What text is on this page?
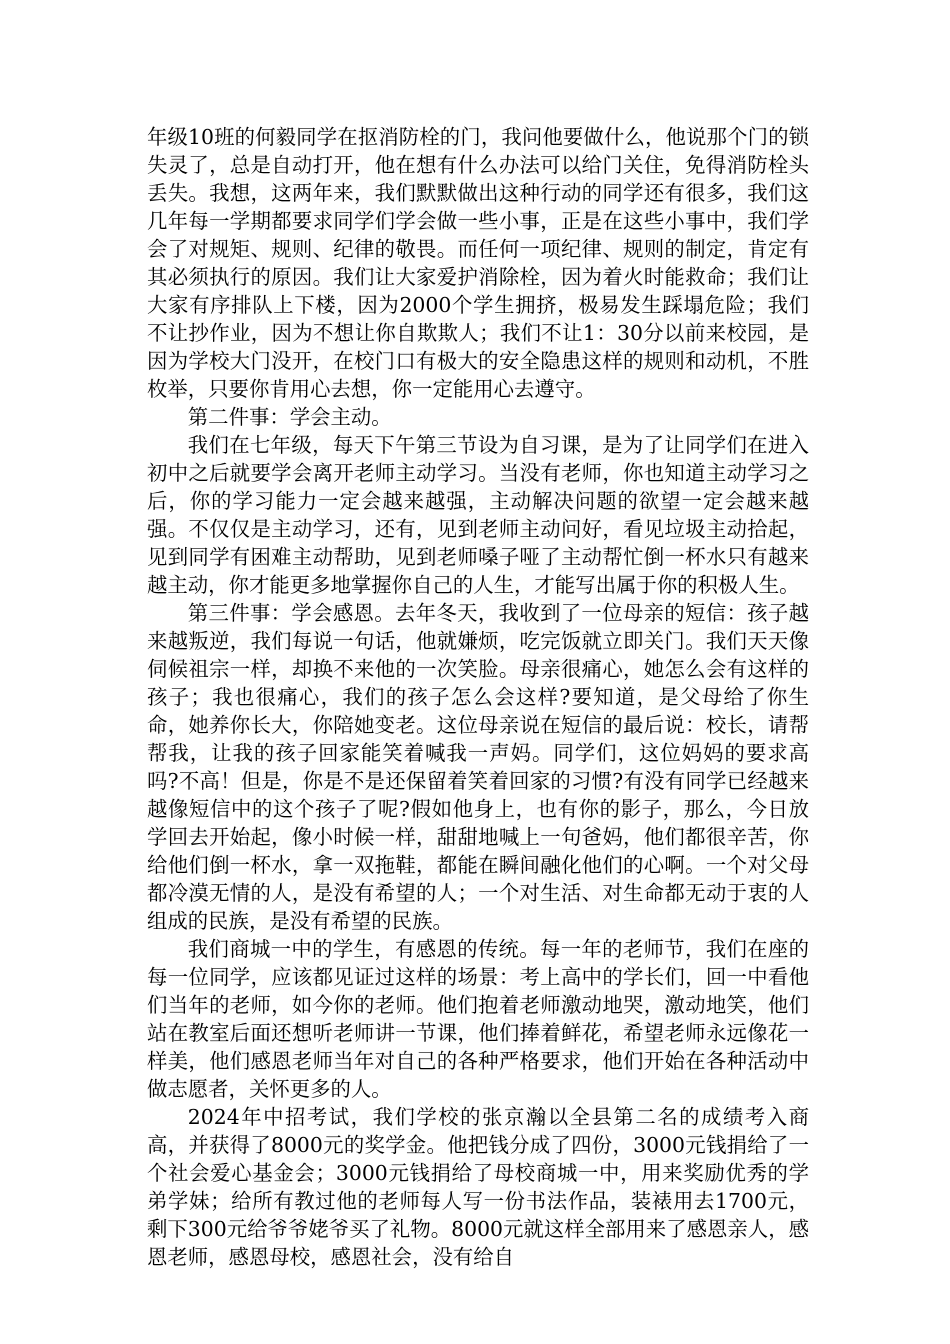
年级10班的何毅同学在抠消防栓的门，我问他要做什么，他说那个门的锁失灵了，总是自动打开，他在想有什么办法可以给门关住，免得消防栓头丢失。我想，这两年来，我们默默做出这种行动的同学还有很多，我们这几年每一学期都要求同学们学会做一些小事，正是在这些小事中，我们学会了对规矩、规则、纪律的敬畏。而任何一项纪律、规则的制定，肯定有其必须执行的原因。我们让大家爱护消除栓，因为着火时能救命；我们让大家有序排队上下楼，因为2000个学生拥挤，极易发生踩塌危险；我们不让抄作业，因为不想让你自欺欺人；我们不让1：30分以前来校园，是因为学校大门没开，在校门口有极大的安全隐患这样的规则和动机，不胜枚举，只要你肯用心去想，你一定能用心去遵守。

第二件事：学会主动。

我们在七年级，每天下午第三节设为自习课，是为了让同学们在进入初中之后就要学会离开老师主动学习。当没有老师，你也知道主动学习之后，你的学习能力一定会越来越强，主动解决问题的欲望一定会越来越强。不仅仅是主动学习，还有，见到老师主动问好，看见垃圾主动拾起，见到同学有困难主动帮助，见到老师嗓子哑了主动帮忙倒一杯水只有越来越主动，你才能更多地掌握你自己的人生，才能写出属于你的积极人生。

第三件事：学会感恩。去年冬天，我收到了一位母亲的短信：孩子越来越叛逆，我们每说一句话，他就嫌烦，吃完饭就立即关门。我们天天像伺候祖宗一样，却换不来他的一次笑脸。母亲很痛心，她怎么会有这样的孩子；我也很痛心，我们的孩子怎么会这样?要知道，是父母给了你生命，她养你长大，你陪她变老。这位母亲说在短信的最后说：校长，请帮帮我，让我的孩子回家能笑着喊我一声妈。同学们，这位妈妈的要求高吗?不高！但是，你是不是还保留着笑着回家的习惯?有没有同学已经越来越像短信中的这个孩子了呢?假如他身上，也有你的影子，那么，今日放学回去开始起，像小时候一样，甜甜地喊上一句爸妈，他们都很辛苦，你给他们倒一杯水，拿一双拖鞋，都能在瞬间融化他们的心啊。一个对父母都冷漠无情的人，是没有希望的人；一个对生活、对生命都无动于衷的人组成的民族，是没有希望的民族。

我们商城一中的学生，有感恩的传统。每一年的老师节，我们在座的每一位同学，应该都见证过这样的场景：考上高中的学长们，回一中看他们当年的老师，如今你的老师。他们抱着老师激动地哭，激动地笑，他们站在教室后面还想听老师讲一节课，他们捧着鲜花，希望老师永远像花一样美，他们感恩老师当年对自己的各种严格要求，他们开始在各种活动中做志愿者，关怀更多的人。

2024年中招考试，我们学校的张京瀚以全县第二名的成绩考入商高，并获得了8000元的奖学金。他把钱分成了四份，3000元钱捐给了一个社会爱心基金会；3000元钱捐给了母校商城一中，用来奖励优秀的学弟学妹；给所有教过他的老师每人写一份书法作品，装裱用去1700元，剩下300元给爷爷姥爷买了礼物。8000元就这样全部用来了感恩亲人，感恩老师，感恩母校，感恩社会，没有给自
